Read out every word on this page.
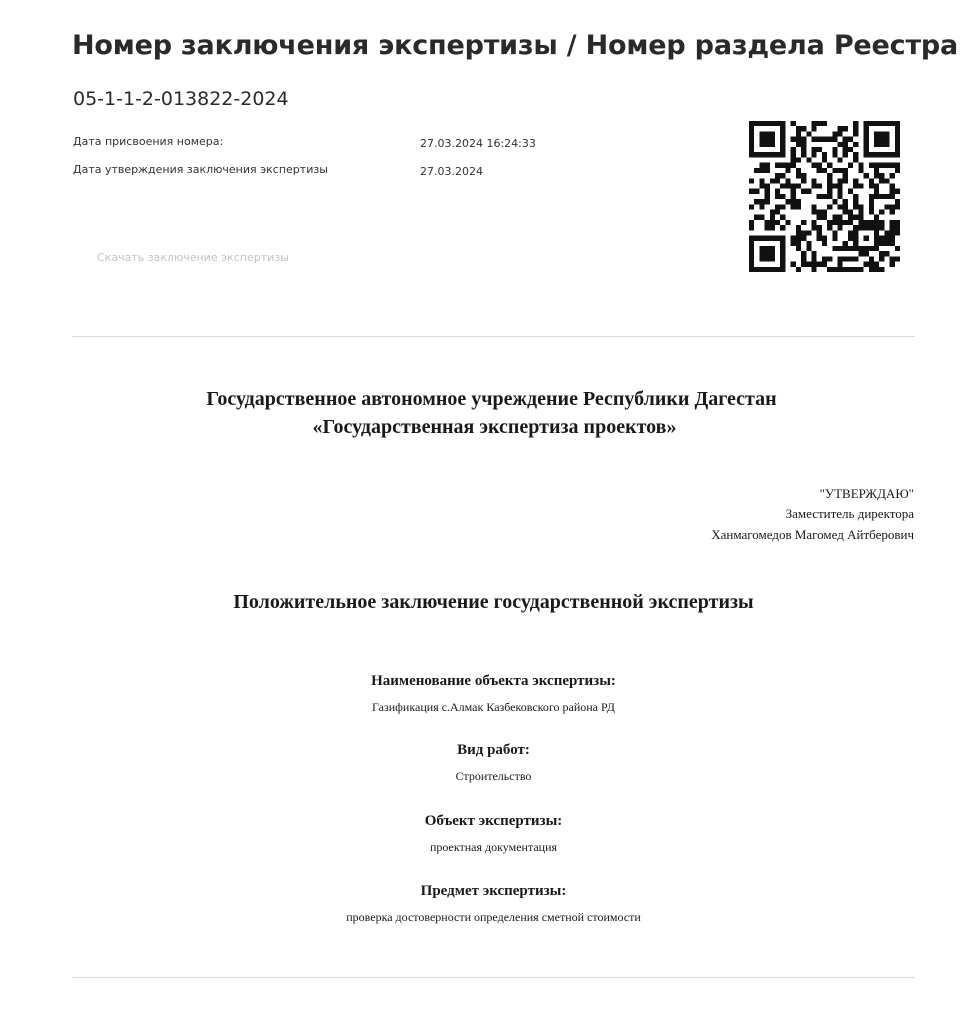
Номер заключения экспертизы / Номер раздела Реестра
05-1-1-2-013822-2024
Дата присвоения номера:	27.03.2024 16:24:33
Дата утверждения заключения экспертизы	27.03.2024
Скачать заключение экспертизы
Государственное автономное учреждение Республики Дагестан
«Государственная экспертиза проектов»
"УТВЕРЖДАЮ"
Заместитель директора
Ханмагомедов Магомед Айтберович
Положительное заключение государственной экспертизы
Наименование объекта экспертизы:
Газификация с.Алмак Казбековского района РД
Вид работ:
Строительство
Объект экспертизы:
проектная документация
Предмет экспертизы:
проверка достоверности определения сметной стоимости
